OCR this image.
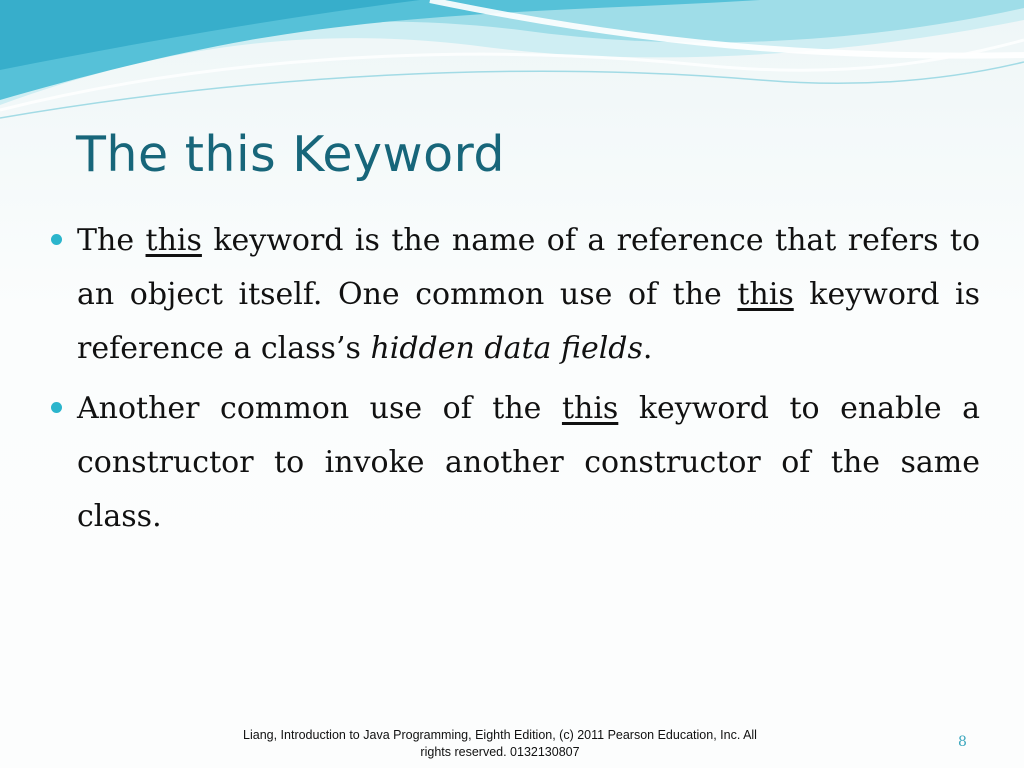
The this Keyword
The this keyword is the name of a reference that refers to an object itself. One common use of the this keyword is reference a class’s hidden data fields.
Another common use of the this keyword to enable a constructor to invoke another constructor of the same class.
Liang, Introduction to Java Programming, Eighth Edition, (c) 2011 Pearson Education, Inc. All
rights reserved. 0132130807
8
